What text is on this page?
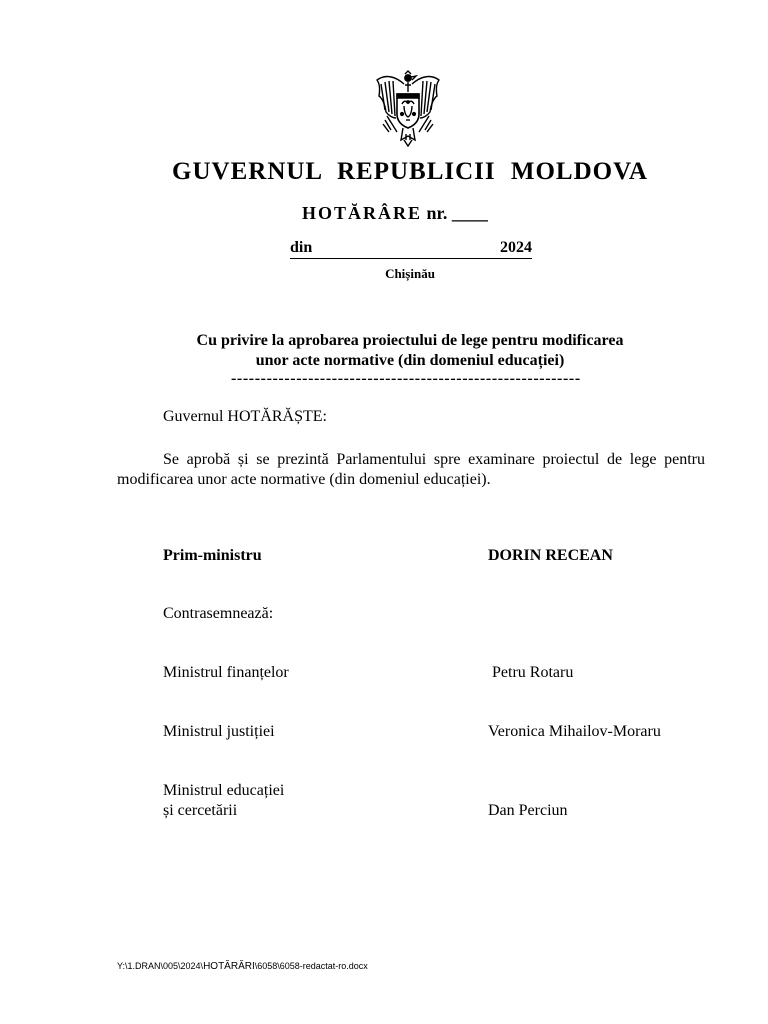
GUVERNUL REPUBLICII MOLDOVA
HOTĂRÂRE nr. ____
din	2024
Chișinău
Cu privire la aprobarea proiectului de lege pentru modificarea
unor acte normative (din domeniul educației)
-----------------------------------------------------------
Guvernul HOTĂRĂȘTE:
Se aprobă și se prezintă Parlamentului spre examinare proiectul de lege pentru modificarea unor acte normative (din domeniul educației).
Prim-ministru	DORIN RECEAN
Contrasemnează:
Ministrul finanțelor	Petru Rotaru
Ministrul justiției	Veronica Mihailov-Moraru
Ministrul educației
și cercetării	Dan Perciun
Y:\1.DRAN\005\2024\HOTĂRĂRI\6058\6058-redactat-ro.docx
